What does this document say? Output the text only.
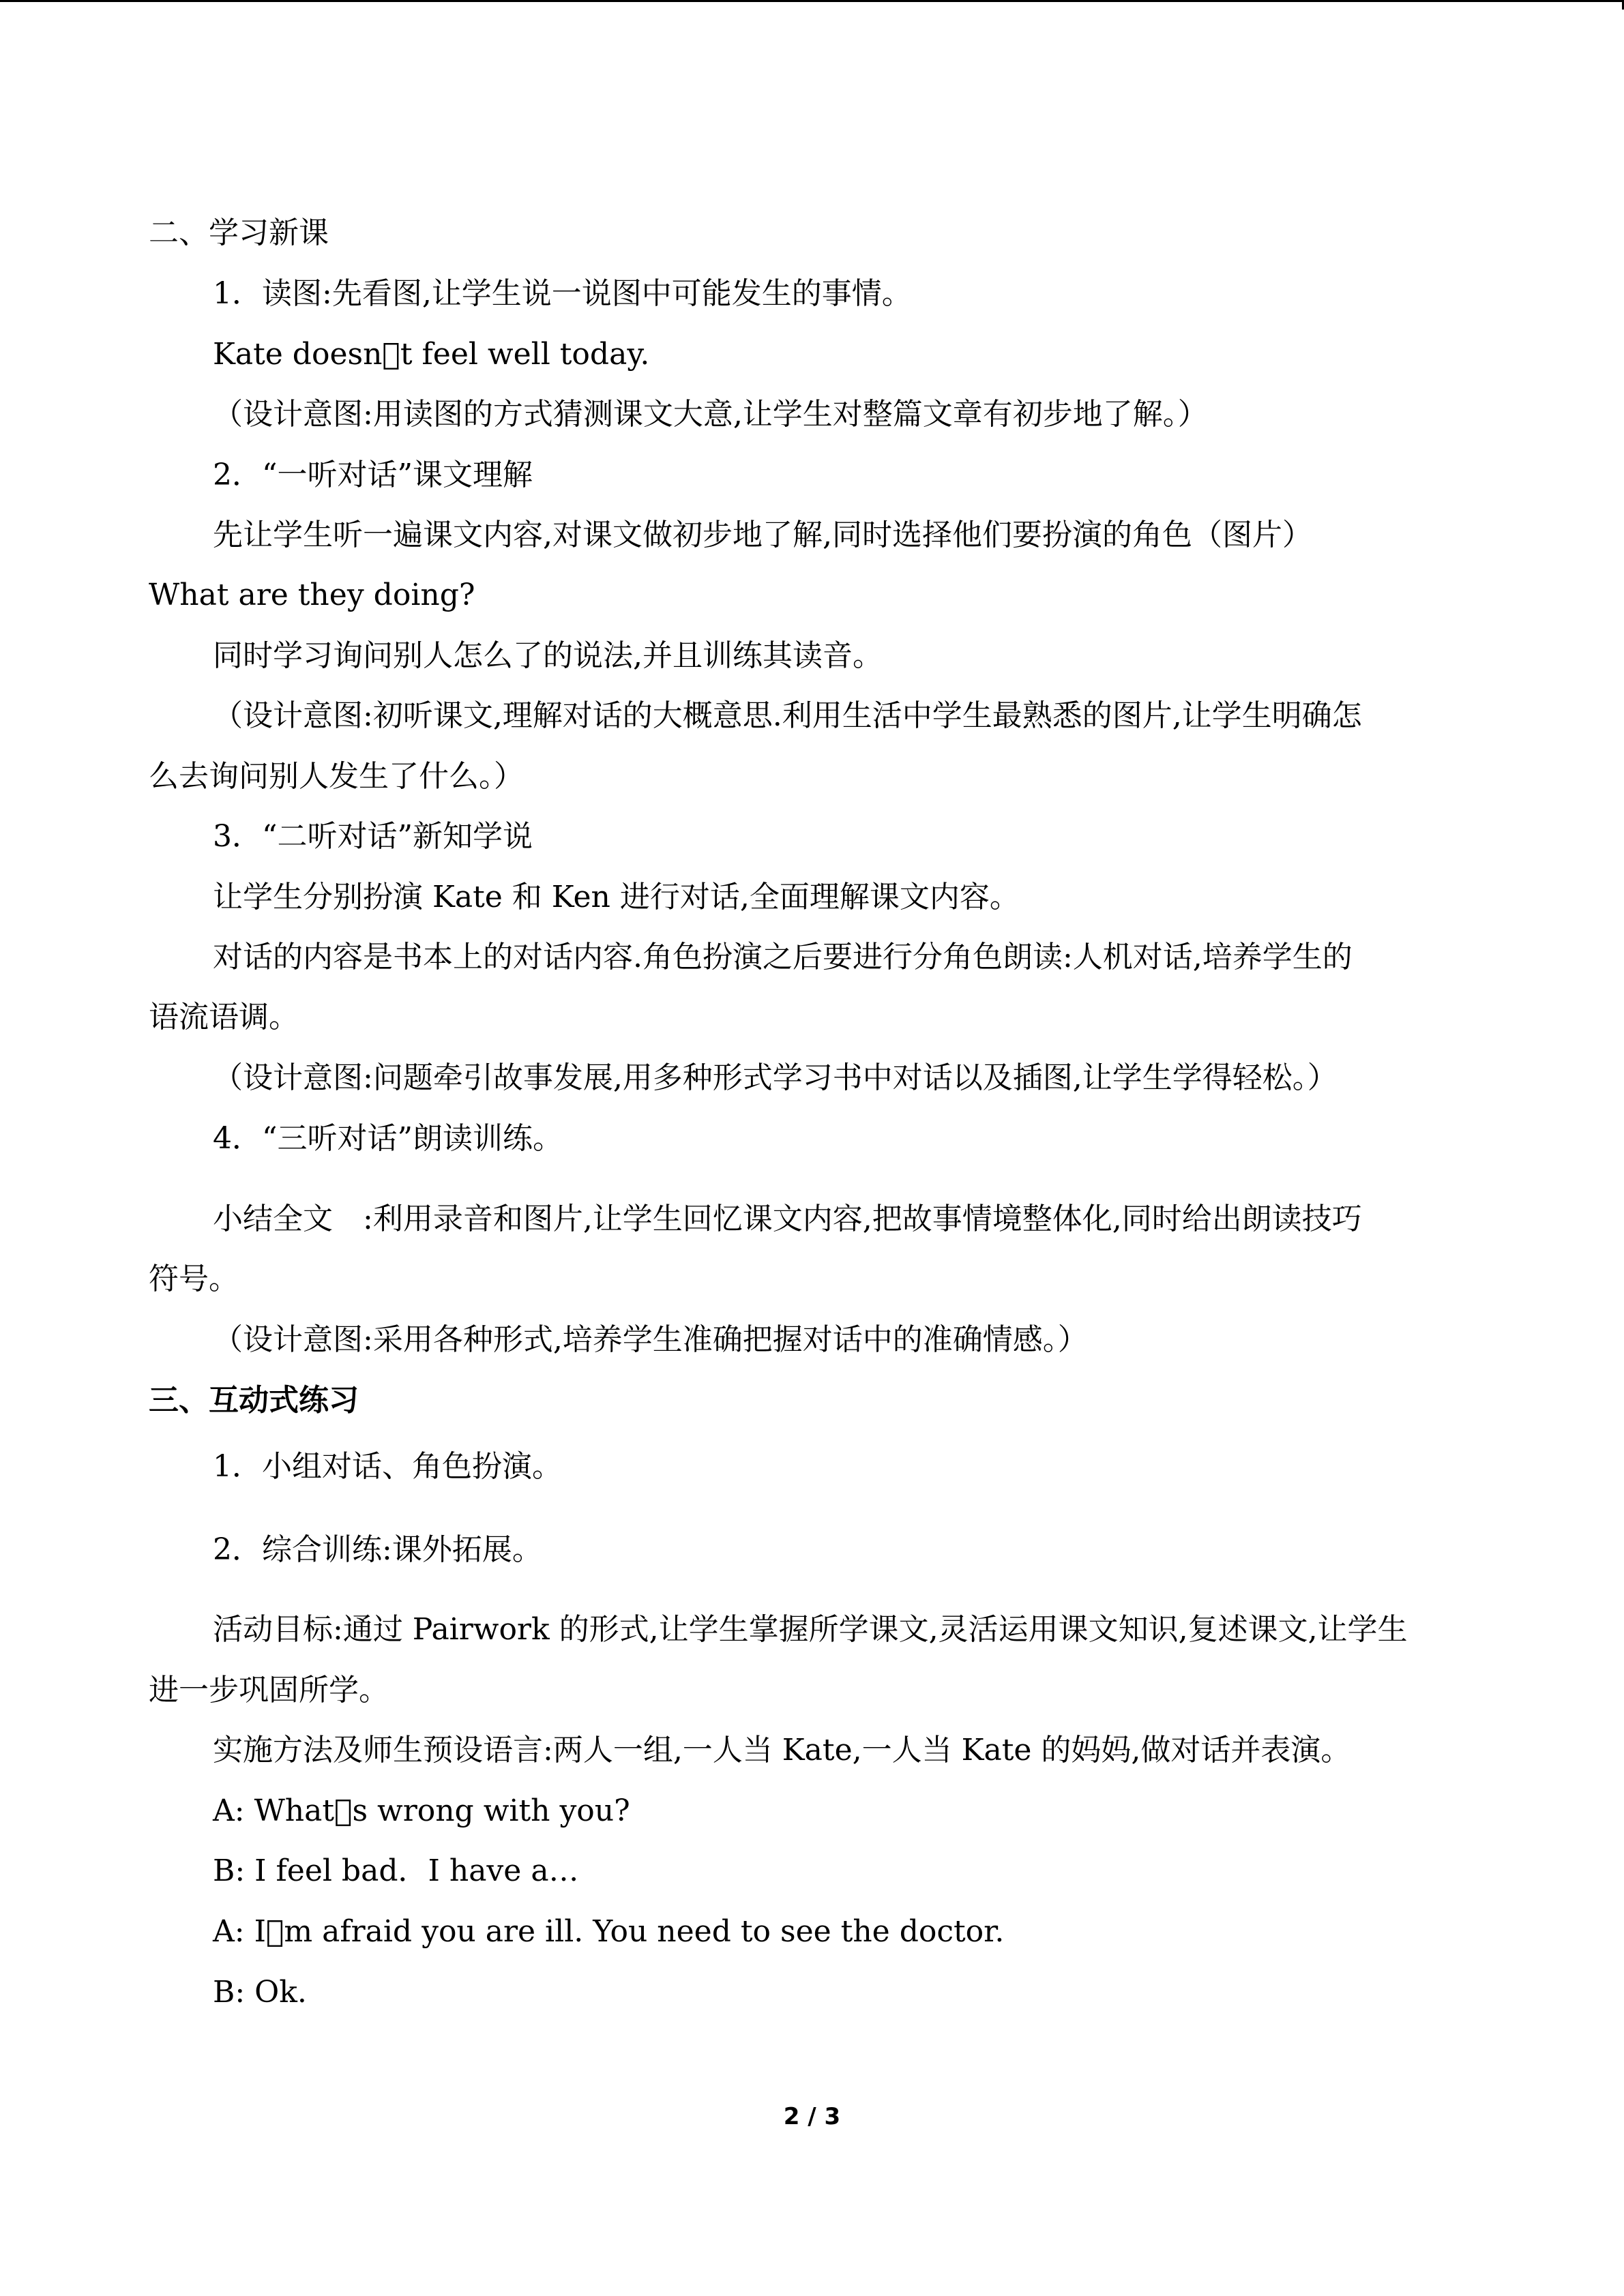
二、学习新课
1．读图:先看图,让学生说一说图中可能发生的事情。
Kate doesn t feel well today.
（设计意图:用读图的方式猜测课文大意,让学生对整篇文章有初步地了解。）
2．“一听对话”课文理解
先让学生听一遍课文内容,对课文做初步地了解,同时选择他们要扮演的角色（图片）
What are they doing?
同时学习询问别人怎么了的说法,并且训练其读音。
（设计意图:初听课文,理解对话的大概意思.利用生活中学生最熟悉的图片,让学生明确怎
么去询问别人发生了什么。）
3．“二听对话”新知学说
让学生分别扮演 Kate 和 Ken 进行对话,全面理解课文内容。
对话的内容是书本上的对话内容.角色扮演之后要进行分角色朗读:人机对话,培养学生的
语流语调。
（设计意图:问题牵引故事发展,用多种形式学习书中对话以及插图,让学生学得轻松。）
4．“三听对话”朗读训练。
小结全文　:利用录音和图片,让学生回忆课文内容,把故事情境整体化,同时给出朗读技巧
符号。
（设计意图:采用各种形式,培养学生准确把握对话中的准确情感。）
三、互动式练习
1．小组对话、角色扮演。
2．综合训练:课外拓展。
活动目标:通过 Pairwork 的形式,让学生掌握所学课文,灵活运用课文知识,复述课文,让学生
进一步巩固所学。
实施方法及师生预设语言:两人一组,一人当 Kate,一人当 Kate 的妈妈,做对话并表演。
A: What s wrong with you?
B: I feel bad．I have a…
A: I m afraid you are ill. You need to see the doctor.
B: Ok.
2 / 3
